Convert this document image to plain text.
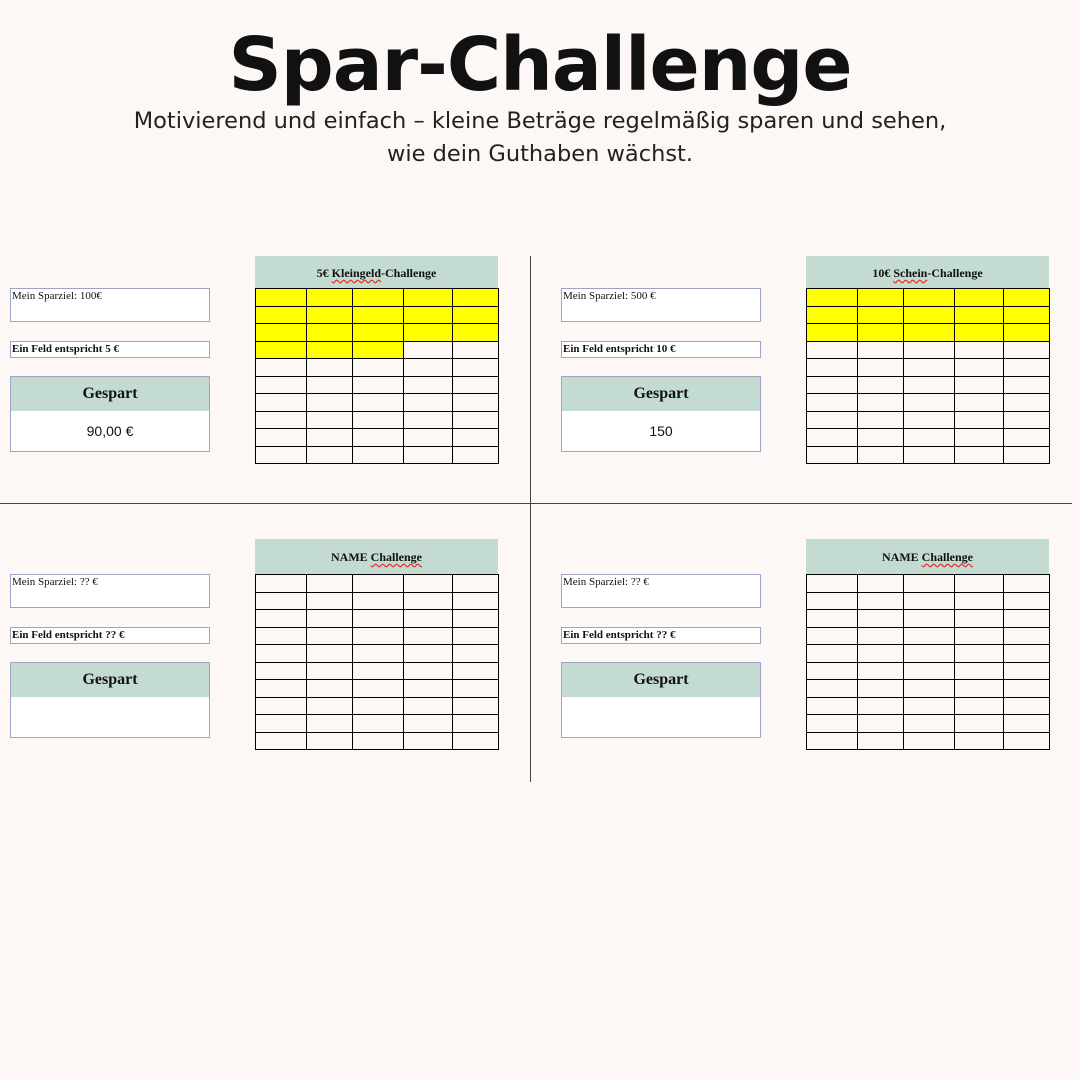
Spar-Challenge
Motivierend und einfach – kleine Beträge regelmäßig sparen und sehen,
wie dein Guthaben wächst.
Mein Sparziel: 100€
Ein Feld entspricht 5 €
Gespart
90,00 €
5€ Kleingeld-Challenge

Mein Sparziel: 500 €
Ein Feld entspricht 10 €
Gespart
150
10€ Schein-Challenge

Mein Sparziel: ?? €
Ein Feld entspricht ?? €
Gespart
NAME Challenge

Mein Sparziel: ?? €
Ein Feld entspricht ?? €
Gespart
NAME Challenge
